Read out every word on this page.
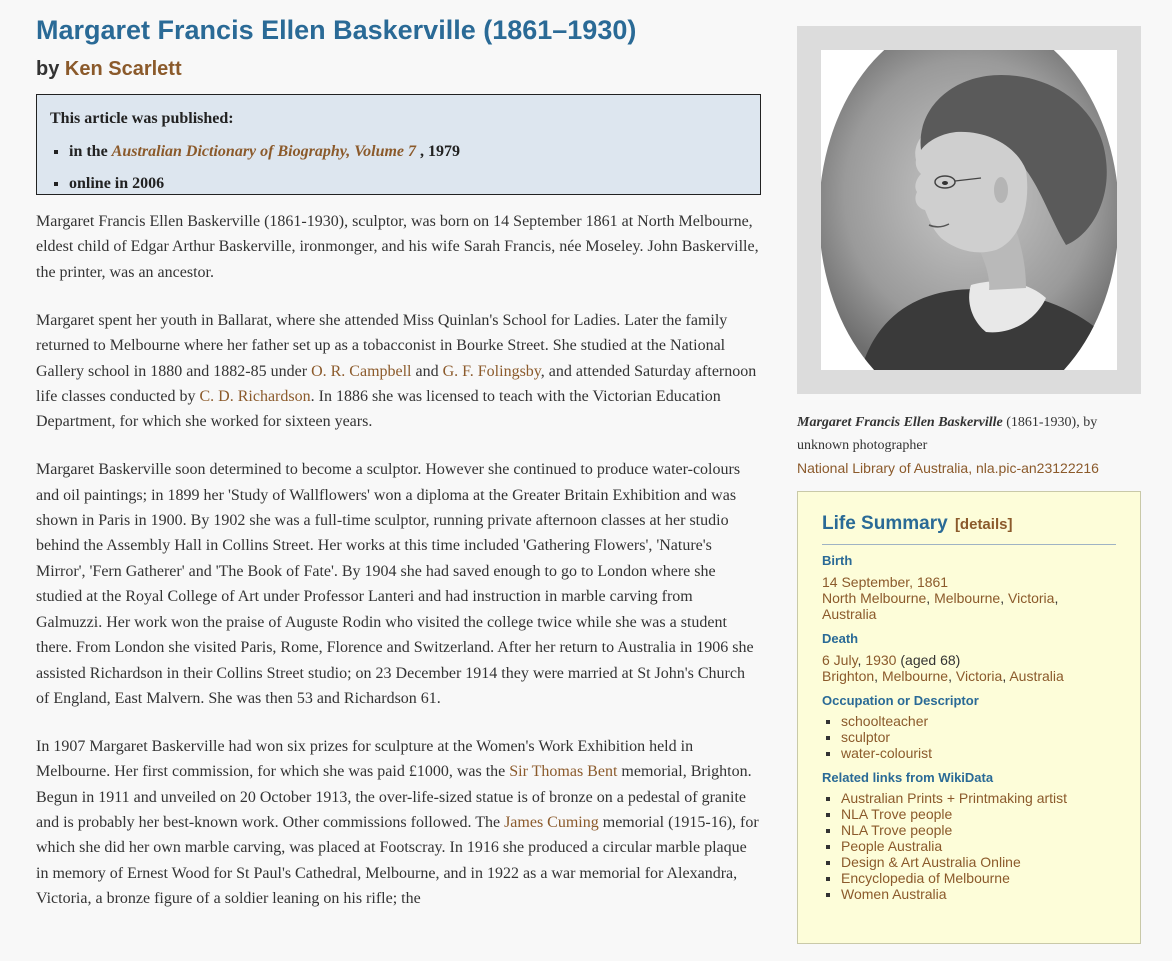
Margaret Francis Ellen Baskerville (1861–1930)
by Ken Scarlett
This article was published:
▪ in the Australian Dictionary of Biography, Volume 7 , 1979
▪ online in 2006

Margaret Francis Ellen Baskerville (1861-1930), sculptor, was born on 14 September 1861 at North Melbourne, eldest child of Edgar Arthur Baskerville, ironmonger, and his wife Sarah Francis, née Moseley. John Baskerville, the printer, was an ancestor.

Margaret spent her youth in Ballarat, where she attended Miss Quinlan's School for Ladies. Later the family returned to Melbourne where her father set up as a tobacconist in Bourke Street. She studied at the National Gallery school in 1880 and 1882-85 under O. R. Campbell and G. F. Folingsby, and attended Saturday afternoon life classes conducted by C. D. Richardson. In 1886 she was licensed to teach with the Victorian Education Department, for which she worked for sixteen years.

Margaret Baskerville soon determined to become a sculptor. However she continued to produce water-colours and oil paintings; in 1899 her 'Study of Wallflowers' won a diploma at the Greater Britain Exhibition and was shown in Paris in 1900. By 1902 she was a full-time sculptor, running private afternoon classes at her studio behind the Assembly Hall in Collins Street. Her works at this time included 'Gathering Flowers', 'Nature's Mirror', 'Fern Gatherer' and 'The Book of Fate'. By 1904 she had saved enough to go to London where she studied at the Royal College of Art under Professor Lanteri and had instruction in marble carving from Galmuzzi. Her work won the praise of Auguste Rodin who visited the college twice while she was a student there. From London she visited Paris, Rome, Florence and Switzerland. After her return to Australia in 1906 she assisted Richardson in their Collins Street studio; on 23 December 1914 they were married at St John's Church of England, East Malvern. She was then 53 and Richardson 61.

In 1907 Margaret Baskerville had won six prizes for sculpture at the Women's Work Exhibition held in Melbourne. Her first commission, for which she was paid £1000, was the Sir Thomas Bent memorial, Brighton. Begun in 1911 and unveiled on 20 October 1913, the over-life-sized statue is of bronze on a pedestal of granite and is probably her best-known work. Other commissions followed. The James Cuming memorial (1915-16), for which she did her own marble carving, was placed at Footscray. In 1916 she produced a circular marble plaque in memory of Ernest Wood for St Paul's Cathedral, Melbourne, and in 1922 as a war memorial for Alexandra, Victoria, a bronze figure of a soldier leaning on his rifle; the

Margaret Francis Ellen Baskerville (1861-1930), by unknown photographer
National Library of Australia, nla.pic-an23122216
Life Summary [details]
Birth
14 September, 1861
North Melbourne, Melbourne, Victoria,
Australia
Death
6 July, 1930 (aged 68)
Brighton, Melbourne, Victoria, Australia
Occupation or Descriptor
▪ schoolteacher
▪ sculptor
▪ water-colourist
Related links from WikiData
▪ Australian Prints + Printmaking artist
▪ NLA Trove people
▪ NLA Trove people
▪ People Australia
▪ Design & Art Australia Online
▪ Encyclopedia of Melbourne
▪ Women Australia
